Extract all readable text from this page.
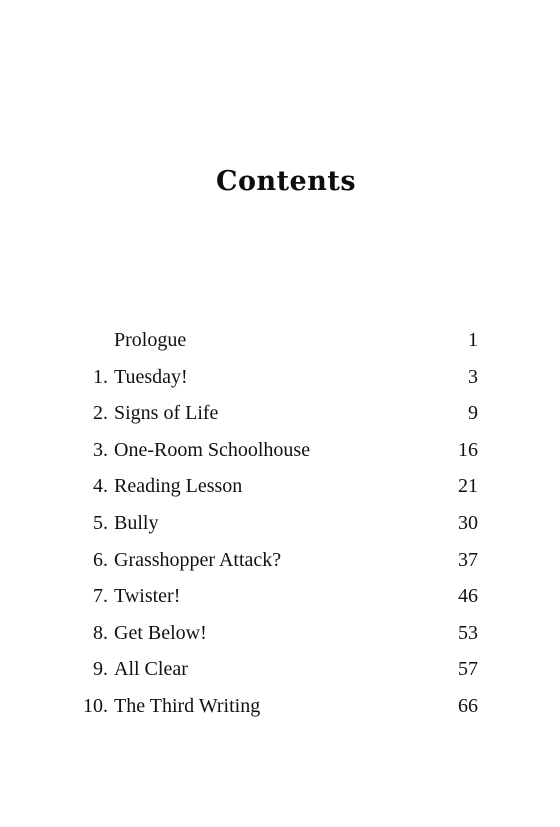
Contents
Prologue	1
1. Tuesday!	3
2. Signs of Life	9
3. One-Room Schoolhouse	16
4. Reading Lesson	21
5. Bully	30
6. Grasshopper Attack?	37
7. Twister!	46
8. Get Below!	53
9. All Clear	57
10. The Third Writing	66
